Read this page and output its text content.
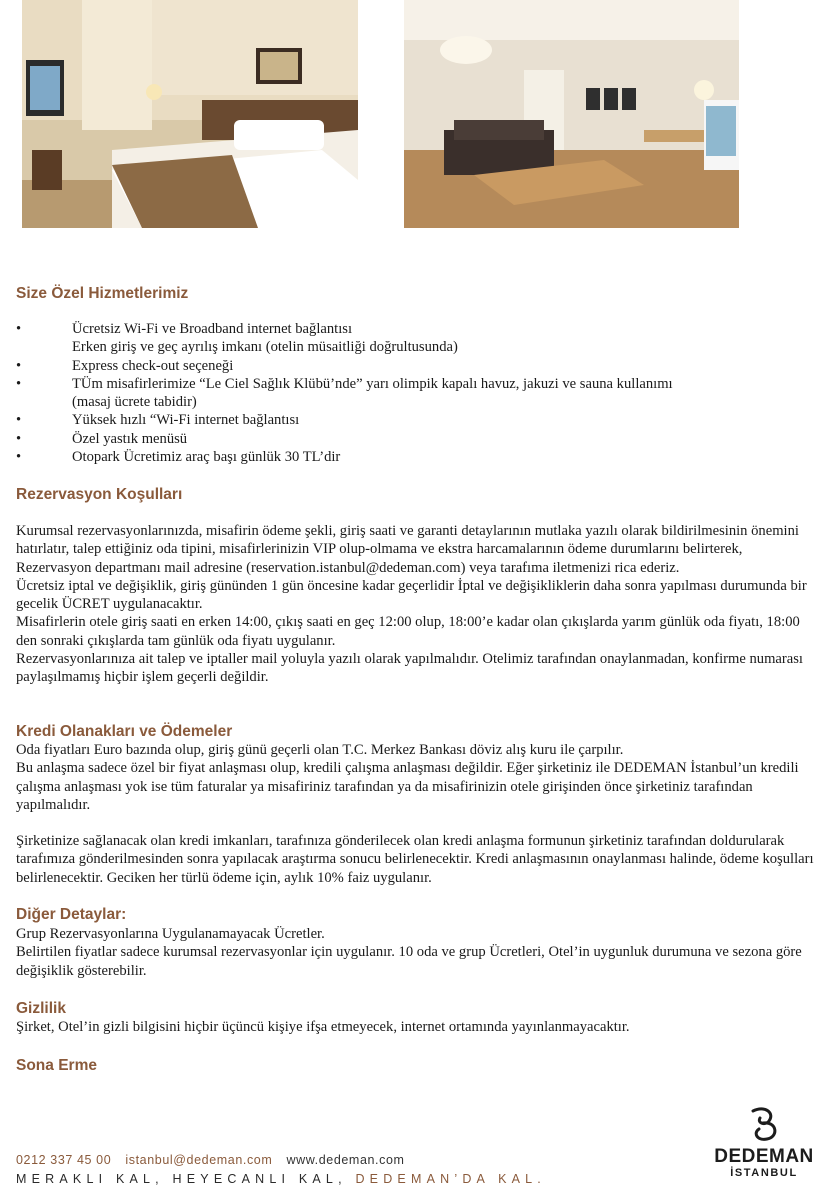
Size Özel Hizmetlerimiz
• Ücretsiz Wi-Fi ve Broadband internet bağlantısı
Erken giriş ve geç ayrılış imkanı (otelin müsaitliği doğrultusunda)
• Express check-out seçeneği
• TÜm misafirlerimize “Le Ciel Sağlık Klübü’nde” yarı olimpik kapalı havuz, jakuzi ve sauna kullanımı
(masaj ücrete tabidir)
• Yüksek hızlı “Wi-Fi internet bağlantısı
• Özel yastık menüsü
• Otopark Ücretimiz araç başı günlük 30 TL’dir
Rezervasyon Koşulları

Kurumsal rezervasyonlarınızda, misafirin ödeme şekli, giriş saati ve garanti detaylarının mutlaka yazılı olarak bildirilmesinin önemini hatırlatır, talep ettiğiniz oda tipini, misafirlerinizin VIP olup-olmama ve ekstra harcamalarının ödeme durumlarını belirterek, Rezervasyon departmanı mail adresine (reservation.istanbul@dedeman.com) veya tarafıma iletmenizi rica ederiz.

Ücretsiz iptal ve değişiklik, giriş gününden 1 gün öncesine kadar geçerlidir İptal ve değişikliklerin daha sonra yapılması durumunda bir gecelik ÜCRET uygulanacaktır.

Misafirlerin otele giriş saati en erken 14:00, çıkış saati en geç 12:00 olup, 18:00’e kadar olan çıkışlarda yarım günlük oda fiyatı, 18:00 den sonraki çıkışlarda tam günlük oda fiyatı uygulanır.

Rezervasyonlarınıza ait talep ve iptaller mail yoluyla yazılı olarak yapılmalıdır. Otelimiz tarafından onaylanmadan, konfirme numarası paylaşılmamış hiçbir işlem geçerli değildir.

Kredi Olanakları ve Ödemeler

Oda fiyatları Euro bazında olup, giriş günü geçerli olan T.C. Merkez Bankası döviz alış kuru ile çarpılır.

Bu anlaşma sadece özel bir fiyat anlaşması olup, kredili çalışma anlaşması değildir. Eğer şirketiniz ile DEDEMAN İstanbul’un kredili çalışma anlaşması yok ise tüm faturalar ya misafiriniz tarafından ya da misafirinizin otele girişinden önce şirketiniz tarafından yapılmalıdır.

Şirketinize sağlanacak olan kredi imkanları, tarafınıza gönderilecek olan kredi anlaşma formunun şirketiniz tarafından doldurularak tarafımıza gönderilmesinden sonra yapılacak araştırma sonucu belirlenecektir. Kredi anlaşmasının onaylanması halinde, ödeme koşulları belirlenecektir. Geciken her türlü ödeme için, aylık 10% faiz uygulanır.

Diğer Detaylar:

Grup Rezervasyonlarına Uygulanamayacak Ücretler.

Belirtilen fiyatlar sadece kurumsal rezervasyonlar için uygulanır. 10 oda ve grup Ücretleri, Otel’in uygunluk durumuna ve sezona göre değişiklik gösterebilir.

Gizlilik

Şirket, Otel’in gizli bilgisini hiçbir üçüncü kişiye ifşa etmeyecek, internet ortamında yayınlanmayacaktır.

Sona Erme
0212 337 45 00 istanbul@dedeman.com www.dedeman.com
MERAKLI KAL, HEYECANLI KAL, DEDEMAN’DA KAL.
DEDEMAN
İSTANBUL
